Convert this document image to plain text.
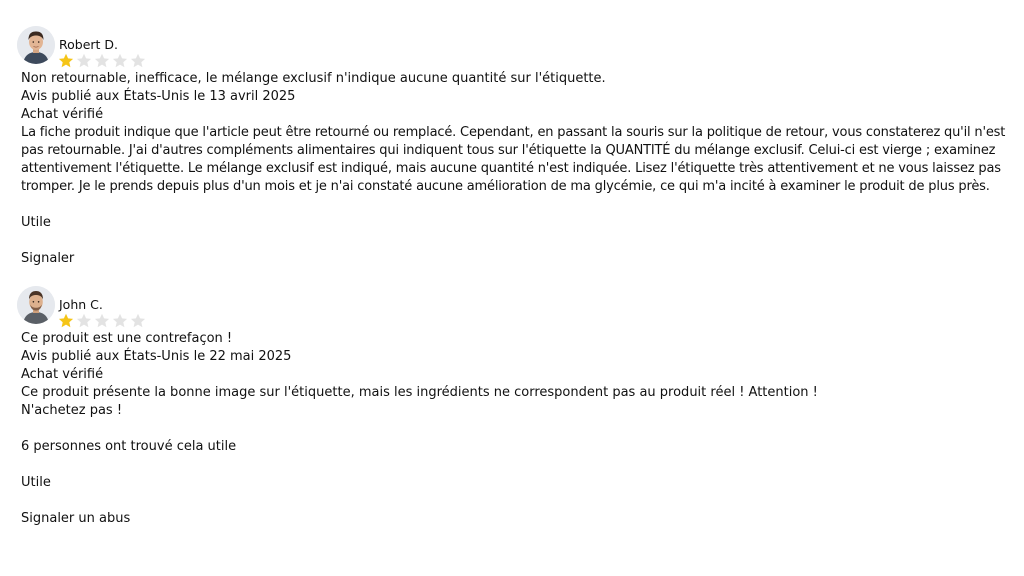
Robert D.
Non retournable, inefficace, le mélange exclusif n'indique aucune quantité sur l'étiquette.
Avis publié aux États-Unis le 13 avril 2025
Achat vérifié
La fiche produit indique que l'article peut être retourné ou remplacé. Cependant, en passant la souris sur la politique de retour, vous constaterez qu'il n'est pas retournable. J'ai d'autres compléments alimentaires qui indiquent tous sur l'étiquette la QUANTITÉ du mélange exclusif. Celui-ci est vierge ; examinez attentivement l'étiquette. Le mélange exclusif est indiqué, mais aucune quantité n'est indiquée. Lisez l'étiquette très attentivement et ne vous laissez pas tromper. Je le prends depuis plus d'un mois et je n'ai constaté aucune amélioration de ma glycémie, ce qui m'a incité à examiner le produit de plus près.
Utile
Signaler
John C.
Ce produit est une contrefaçon !
Avis publié aux États-Unis le 22 mai 2025
Achat vérifié
Ce produit présente la bonne image sur l'étiquette, mais les ingrédients ne correspondent pas au produit réel ! Attention !
N'achetez pas !
6 personnes ont trouvé cela utile
Utile
Signaler un abus
